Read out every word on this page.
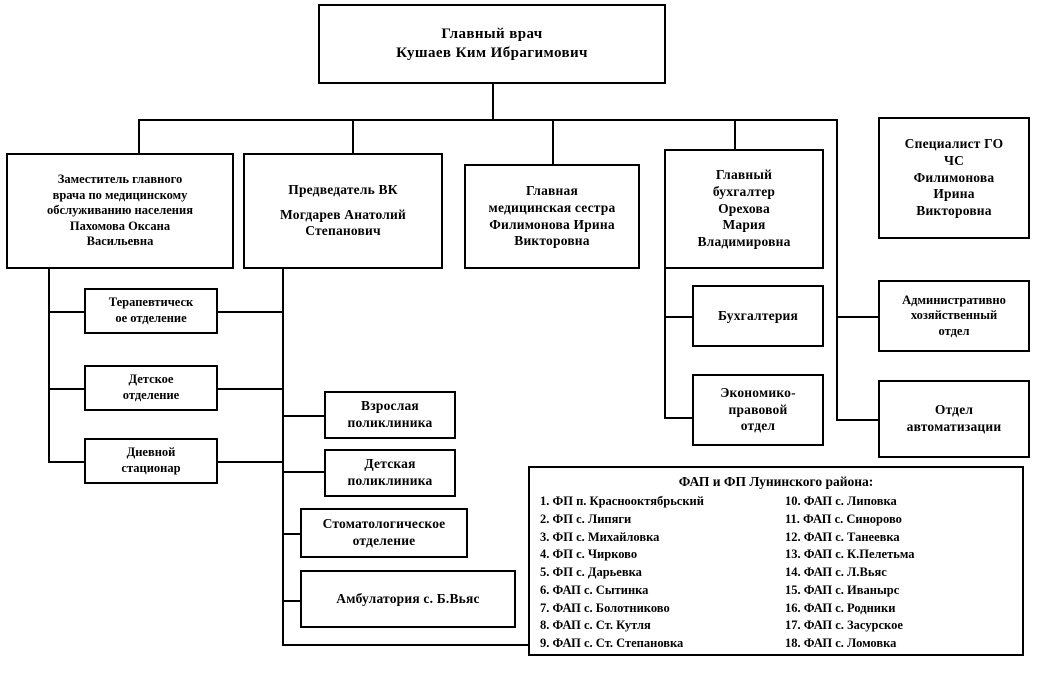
Главный врач
Кушаев Ким Ибрагимович
Заместитель главного
врача по медицинскому
обслуживанию населения
Пахомова Оксана
Васильевна
Предведатель ВК
Могдарев Анатолий
Степанович
Главная
медицинская сестра
Филимонова Ирина
Викторовна
Главный
бухгалтер
Орехова
Мария
Владимировна
Специалист ГО
ЧС
Филимонова
Ирина
Викторовна
Административно
хозяйственный
отдел
Отдел
автоматизации
Бухгалтерия
Экономико-
правовой
отдел
Терапевтическ
ое отделение
Детское
отделение
Дневной
стационар
Взрослая
поликлиника
Детская
поликлиника
Стоматологическое
отделение
Амбулатория с. Б.Вьяс
ФАП и ФП Лунинского района:
1. ФП п. Краснооктябрьский
2. ФП с. Липяги
3. ФП с. Михайловка
4. ФП с. Чирково
5. ФП с. Дарьевка
6. ФАП с. Сытинка
7. ФАП с. Болотниково
8. ФАП с. Ст. Кутля
9. ФАП с. Ст. Степановка
10. ФАП с. Липовка
11. ФАП с. Синорово
12. ФАП с. Танеевка
13. ФАП с. К.Пелетьма
14. ФАП с. Л.Вьяс
15. ФАП с. Иванырс
16. ФАП с. Родники
17. ФАП с. Засурское
18. ФАП с. Ломовка
